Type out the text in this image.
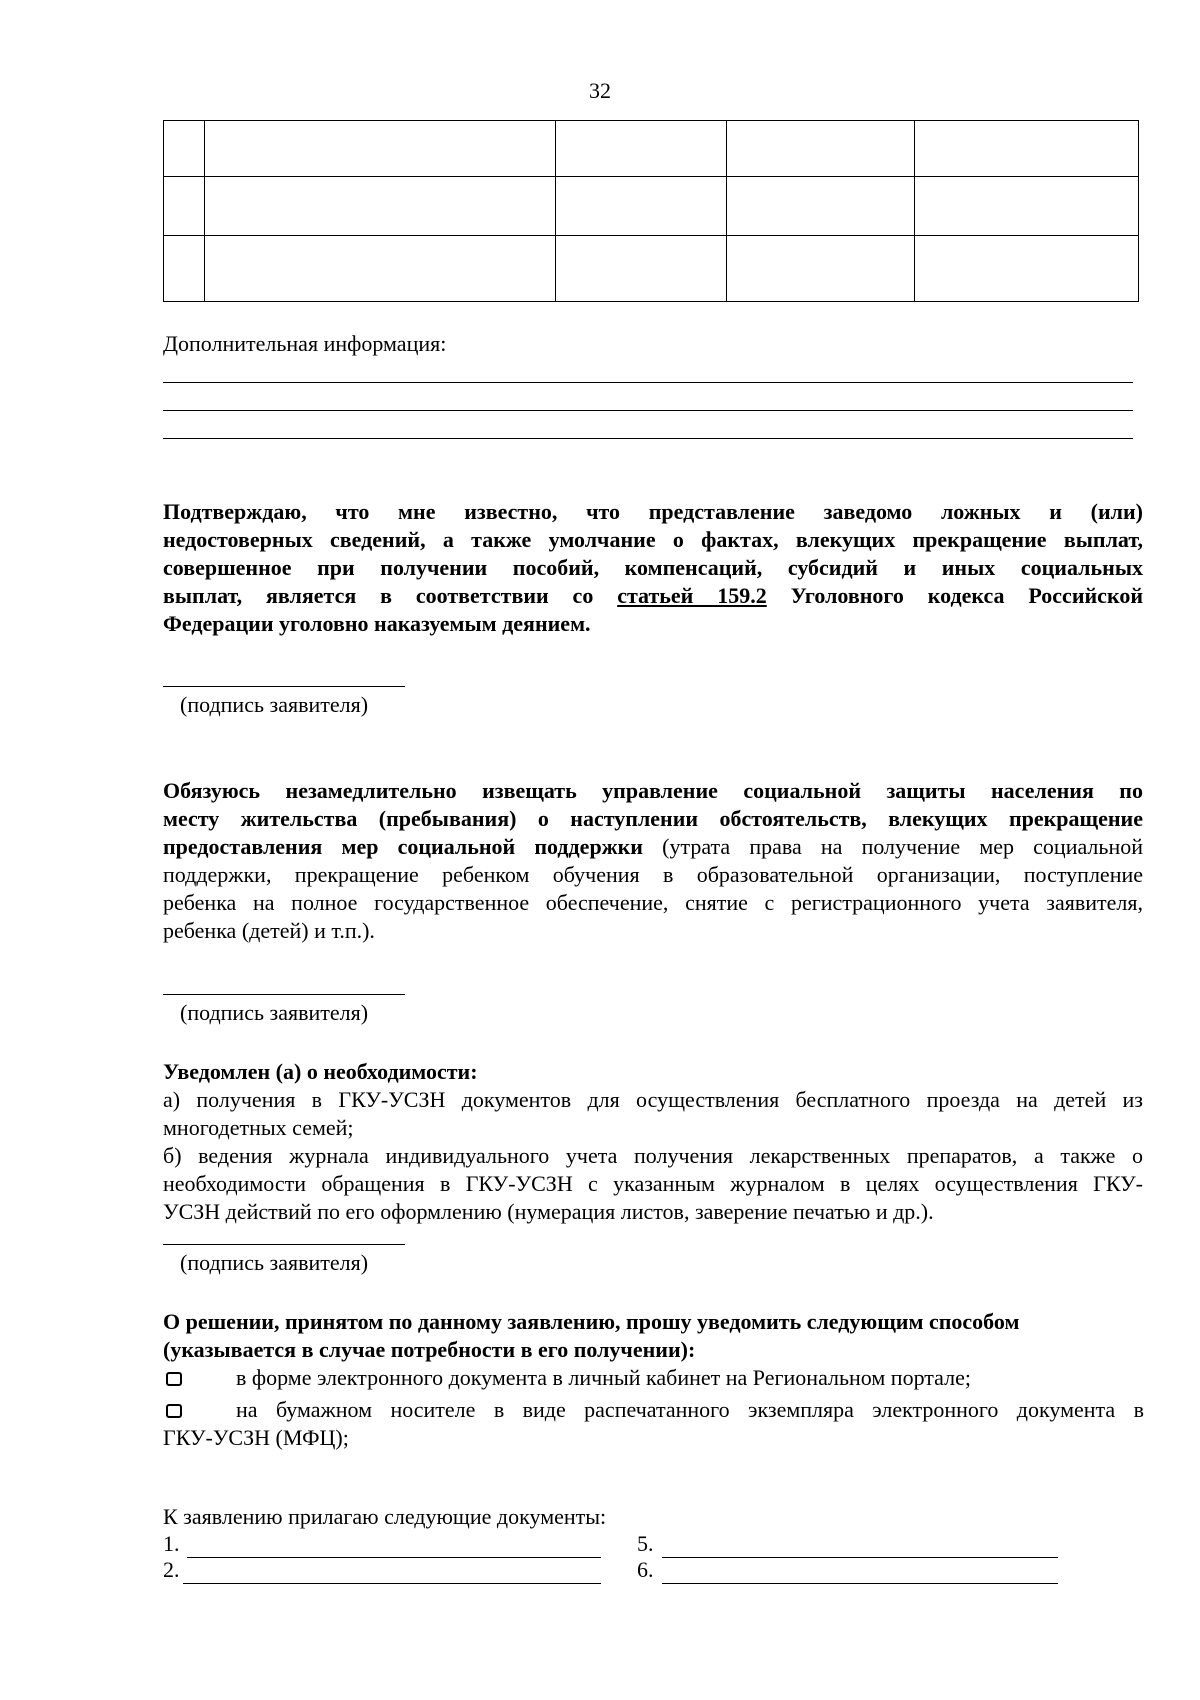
32

Дополнительная информация:
Подтверждаю, что мне известно, что представление заведомо ложных и (или)
недостоверных сведений, а также умолчание о фактах, влекущих прекращение выплат,
совершенное при получении пособий, компенсаций, субсидий и иных социальных
выплат, является в соответствии со статьей 159.2 Уголовного кодекса Российской
Федерации уголовно наказуемым деянием.
(подпись заявителя)
Обязуюсь незамедлительно извещать управление социальной защиты населения по
месту жительства (пребывания) о наступлении обстоятельств, влекущих прекращение
предоставления мер социальной поддержки (утрата права на получение мер социальной
поддержки, прекращение ребенком обучения в образовательной организации, поступление
ребенка на полное государственное обеспечение, снятие с регистрационного учета заявителя,
ребенка (детей) и т.п.).
(подпись заявителя)
Уведомлен (а) о необходимости:
а) получения в ГКУ-УСЗН документов для осуществления бесплатного проезда на детей из
многодетных семей;
б) ведения журнала индивидуального учета получения лекарственных препаратов, а также о
необходимости обращения в ГКУ-УСЗН с указанным журналом в целях осуществления ГКУ-
УСЗН действий по его оформлению (нумерация листов, заверение печатью и др.).
(подпись заявителя)
О решении, принятом по данному заявлению, прошу уведомить следующим способом
(указывается в случае потребности в его получении):
в форме электронного документа в личный кабинет на Региональном портале;
на бумажном носителе в виде распечатанного экземпляра электронного документа в
ГКУ-УСЗН (МФЦ);
К заявлению прилагаю следующие документы:
1.	5.
2.	6.
